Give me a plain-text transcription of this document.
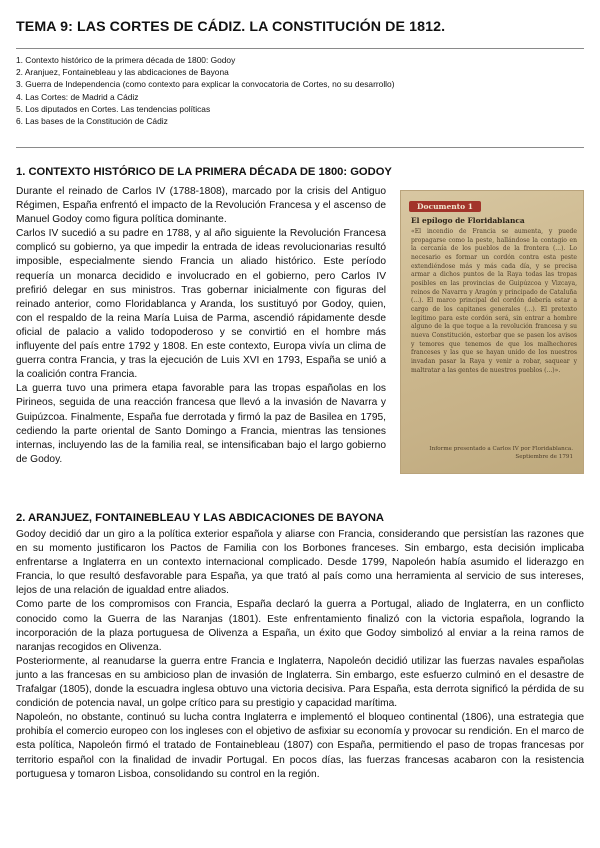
TEMA 9: LAS CORTES DE CÁDIZ. LA CONSTITUCIÓN DE 1812.
1. Contexto histórico de la primera década de 1800: Godoy
2. Aranjuez, Fontainebleau y las abdicaciones de Bayona
3. Guerra de Independencia (como contexto para explicar la convocatoria de Cortes, no su desarrollo)
4. Las Cortes: de Madrid a Cádiz
5. Los diputados en Cortes. Las tendencias políticas
6. Las bases de la Constitución de Cádiz
1. CONTEXTO HISTÓRICO DE LA PRIMERA DÉCADA DE 1800: GODOY

Durante el reinado de Carlos IV (1788-1808), marcado por la crisis del Antiguo Régimen, España enfrentó el impacto de la Revolución Francesa y el ascenso de Manuel Godoy como figura política dominante.

Carlos IV sucedió a su padre en 1788, y al año siguiente la Revolución Francesa complicó su gobierno, ya que impedir la entrada de ideas revolucionarias resultó imposible, especialmente siendo Francia un aliado histórico. Este período requería un monarca decidido e involucrado en el gobierno, pero Carlos IV prefirió delegar en sus ministros. Tras gobernar inicialmente con figuras del reinado anterior, como Floridablanca y Aranda, los sustituyó por Godoy, quien, con el respaldo de la reina María Luisa de Parma, ascendió rápidamente desde oficial de palacio a valido todopoderoso y se convirtió en el hombre más influyente del país entre 1792 y 1808. En este contexto, Europa vivía un clima de guerra contra Francia, y tras la ejecución de Luis XVI en 1793, España se unió a la coalición contra Francia.

La guerra tuvo una primera etapa favorable para las tropas españolas en los Pirineos, seguida de una reacción francesa que llevó a la invasión de Navarra y Guipúzcoa. Finalmente, España fue derrotada y firmó la paz de Basilea en 1795, cediendo la parte oriental de Santo Domingo a Francia, mientras las tensiones internas, incluyendo las de la familia real, se intensificaban bajo el largo gobierno de Godoy.

Documento 1
El epílogo de Floridablanca
«El incendio de Francia se aumenta, y puede propagarse como la peste, hallándose la contagio en la cercanía de los pueblos de la frontera (...). Lo necesario es formar un cordón contra esta peste extendiéndose más y más cada día, y se precisa armar a dichos puntos de la Raya todas las tropas posibles en las provincias de Guipúzcoa y Vizcaya, reinos de Navarra y Aragón y principado de Cataluña (...). El marco principal del cordón debería estar a cargo de los capitanes generales (...). El pretexto legítimo para este cordón será, sin entrar a hombre alguno de la que toque a la revolución francesa y su nueva Constitución, estorbar que se pasen los avisos y temores que tenemos de que los malhechores franceses y las que se hayan unido de los nuestros invadan pasar la Raya y venir a robar, saquear y maltratar a las gentes de nuestros pueblos (...)».
Informe presentado a Carlos IV por Floridablanca. Septiembre de 1791
2. ARANJUEZ, FONTAINEBLEAU Y LAS ABDICACIONES DE BAYONA

Godoy decidió dar un giro a la política exterior española y aliarse con Francia, considerando que persistían las razones que en su momento justificaron los Pactos de Familia con los Borbones franceses. Sin embargo, esta decisión implicaba enfrentarse a Inglaterra en un contexto internacional complicado. Desde 1799, Napoleón había asumido el liderazgo en Francia, lo que resultó desfavorable para España, ya que trató al país como una herramienta al servicio de sus intereses, lejos de una relación de igualdad entre aliados.

Como parte de los compromisos con Francia, España declaró la guerra a Portugal, aliado de Inglaterra, en un conflicto conocido como la Guerra de las Naranjas (1801). Este enfrentamiento finalizó con la victoria española, logrando la incorporación de la plaza portuguesa de Olivenza a España, un éxito que Godoy simbolizó al enviar a la reina ramos de naranjas recogidos en Olivenza.

Posteriormente, al reanudarse la guerra entre Francia e Inglaterra, Napoleón decidió utilizar las fuerzas navales españolas junto a las francesas en su ambicioso plan de invasión de Inglaterra. Sin embargo, este esfuerzo culminó en el desastre de Trafalgar (1805), donde la escuadra inglesa obtuvo una victoria decisiva. Para España, esta derrota significó la pérdida de su condición de potencia naval, un golpe crítico para su prestigio y capacidad marítima.

Napoleón, no obstante, continuó su lucha contra Inglaterra e implementó el bloqueo continental (1806), una estrategia que prohibía el comercio europeo con los ingleses con el objetivo de asfixiar su economía y provocar su rendición. En el marco de esta política, Napoleón firmó el tratado de Fontainebleau (1807) con España, permitiendo el paso de tropas francesas por territorio español con la finalidad de invadir Portugal. En pocos días, las fuerzas francesas acabaron con la resistencia portuguesa y tomaron Lisboa, consolidando su control en la región.
